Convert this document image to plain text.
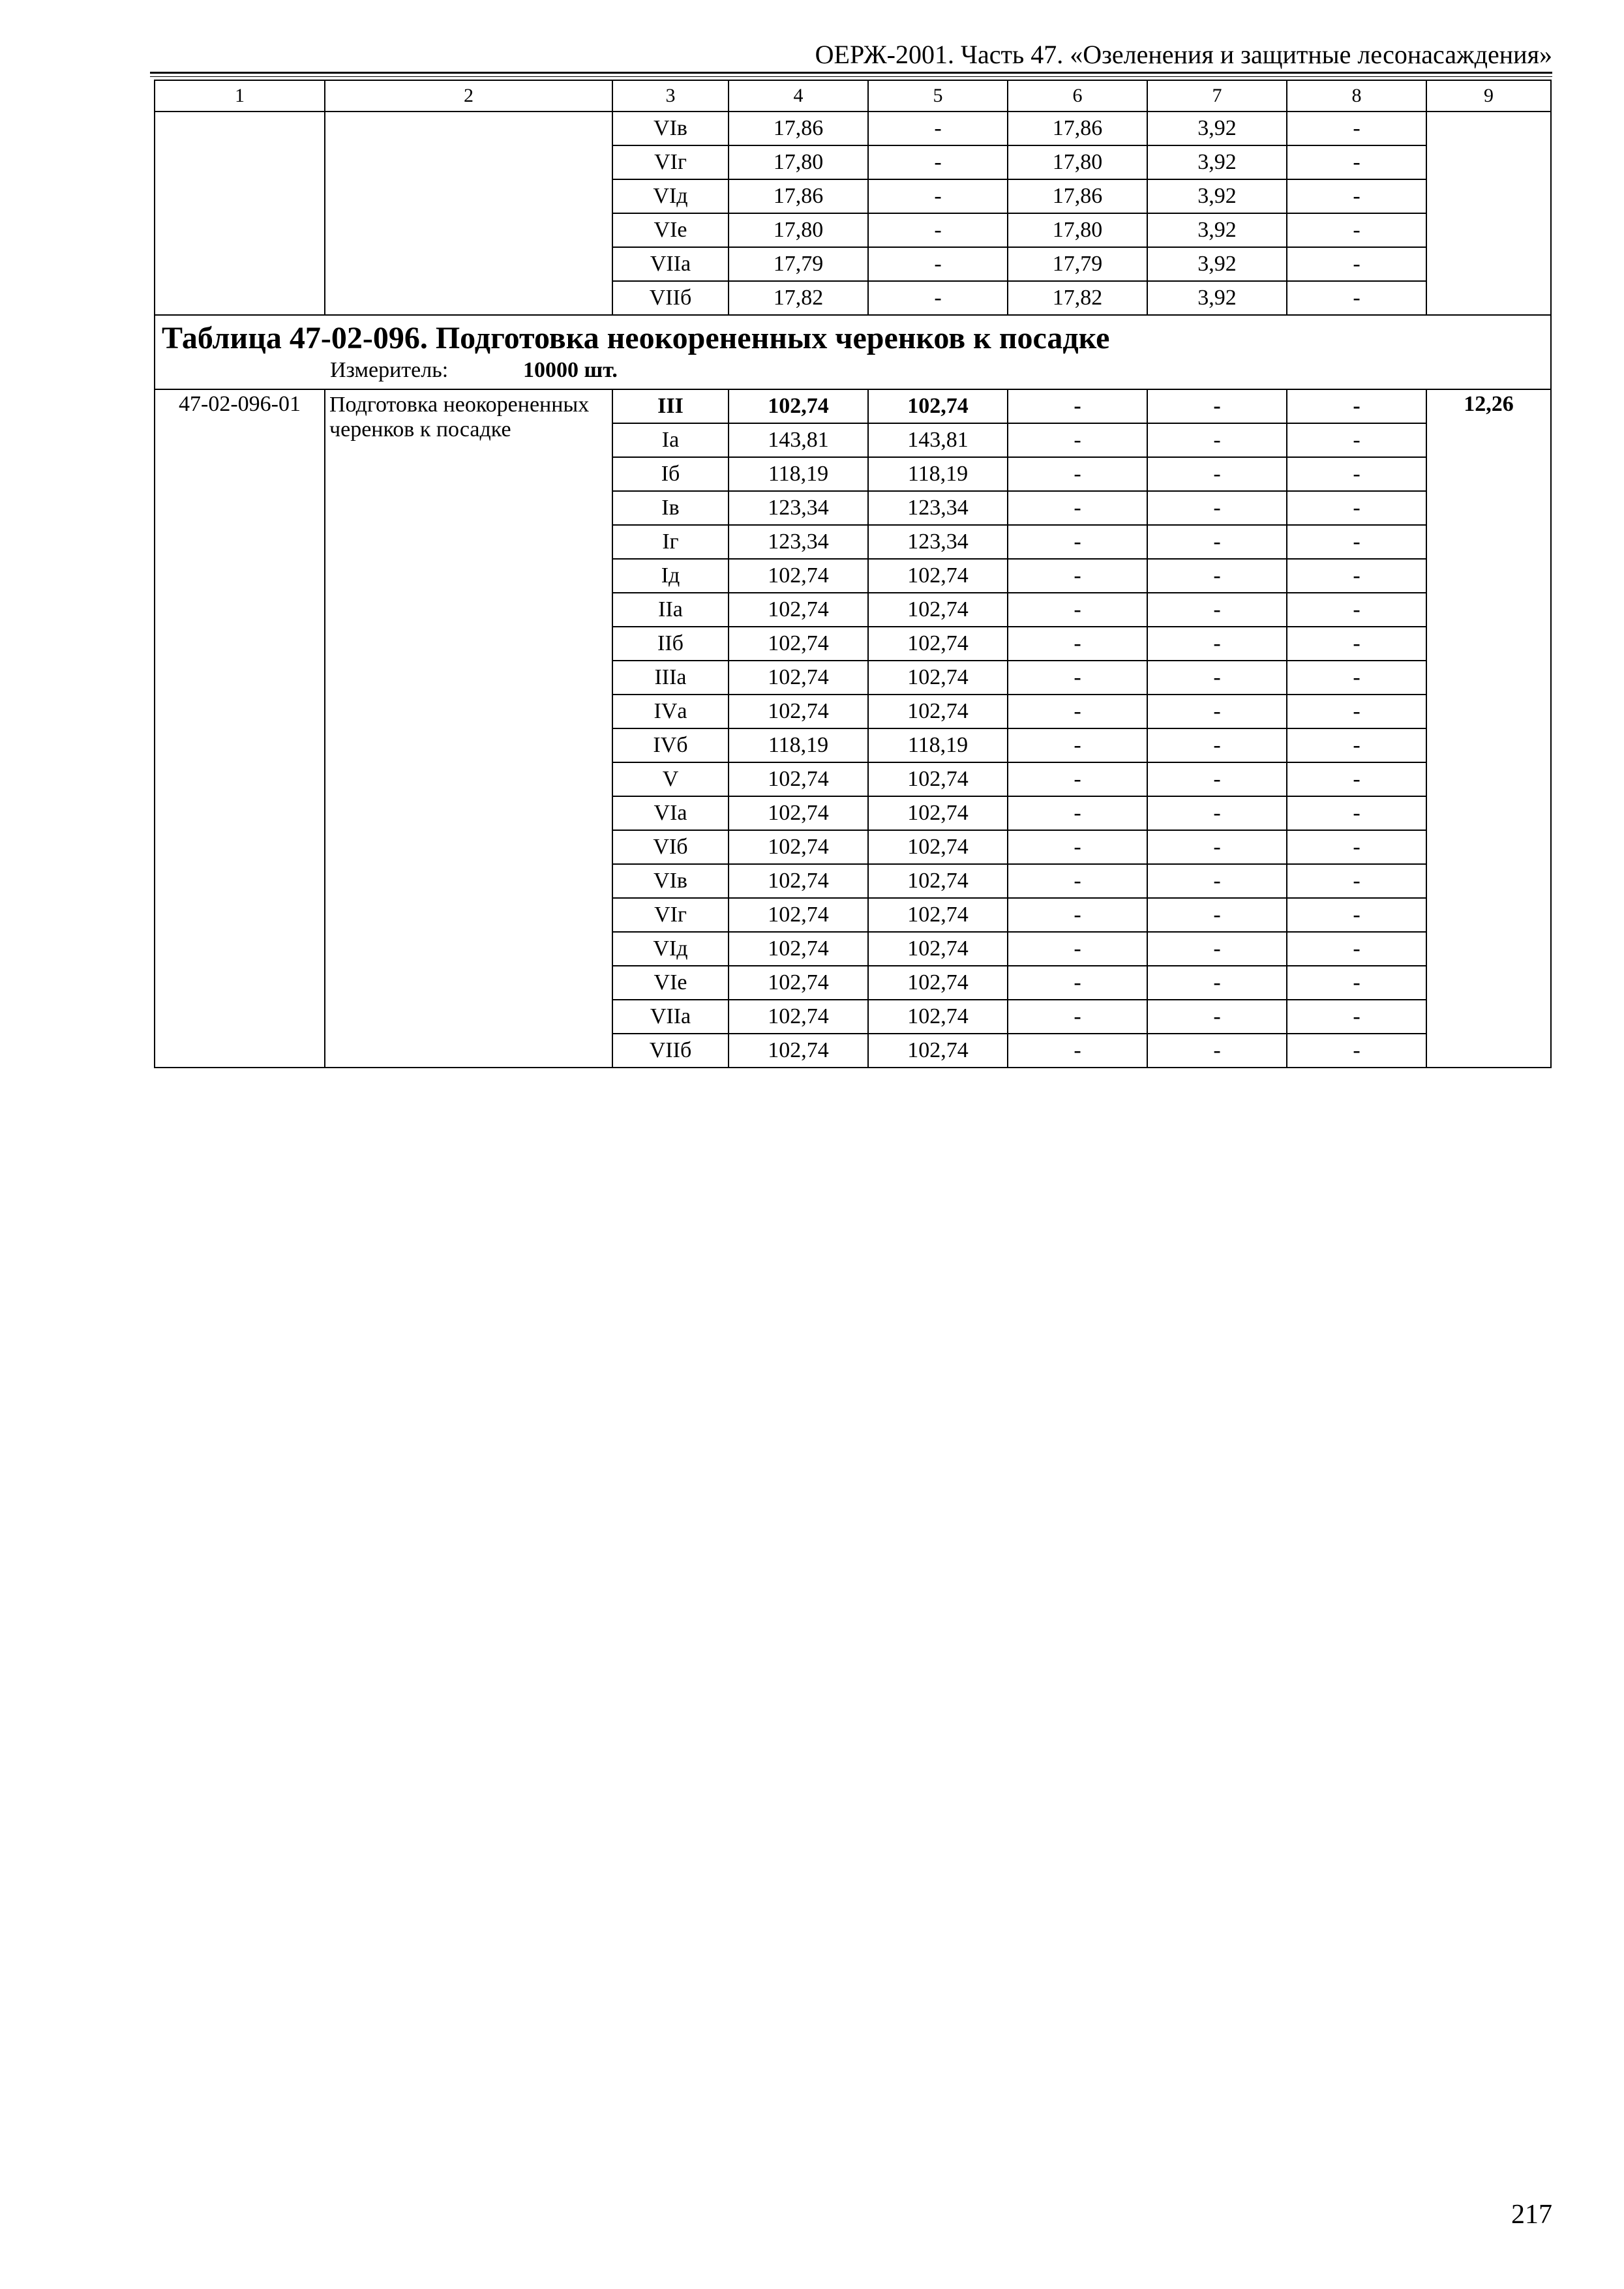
ОЕРЖ-2001. Часть 47. «Озеленения и защитные лесонасаждения»
1	2	3	4	5	6	7	8	9
		VIв	17,86	-	17,86	3,92	-	
		VIг	17,80	-	17,80	3,92	-	
		VIд	17,86	-	17,86	3,92	-	
		VIе	17,80	-	17,80	3,92	-	
		VIIа	17,79	-	17,79	3,92	-	
		VIIб	17,82	-	17,82	3,92	-	

Таблица 47-02-096. Подготовка неокорененных черенков к посадке
Измеритель: 10000 шт.								

47-02-096-01	Подготовка неокорененных черенков к посадке	III	102,74	102,74	-	-	-	12,26
		Iа	143,81	143,81	-	-	-	
		Iб	118,19	118,19	-	-	-	
		Iв	123,34	123,34	-	-	-	
		Iг	123,34	123,34	-	-	-	
		Iд	102,74	102,74	-	-	-	
		IIа	102,74	102,74	-	-	-	
		IIб	102,74	102,74	-	-	-	
		IIIа	102,74	102,74	-	-	-	
		IVа	102,74	102,74	-	-	-	
		IVб	118,19	118,19	-	-	-	
		V	102,74	102,74	-	-	-	
		VIа	102,74	102,74	-	-	-	
		VIб	102,74	102,74	-	-	-	
		VIв	102,74	102,74	-	-	-	
		VIг	102,74	102,74	-	-	-	
		VIд	102,74	102,74	-	-	-	
		VIе	102,74	102,74	-	-	-	
		VIIа	102,74	102,74	-	-	-	
		VIIб	102,74	102,74	-	-	-	
217
